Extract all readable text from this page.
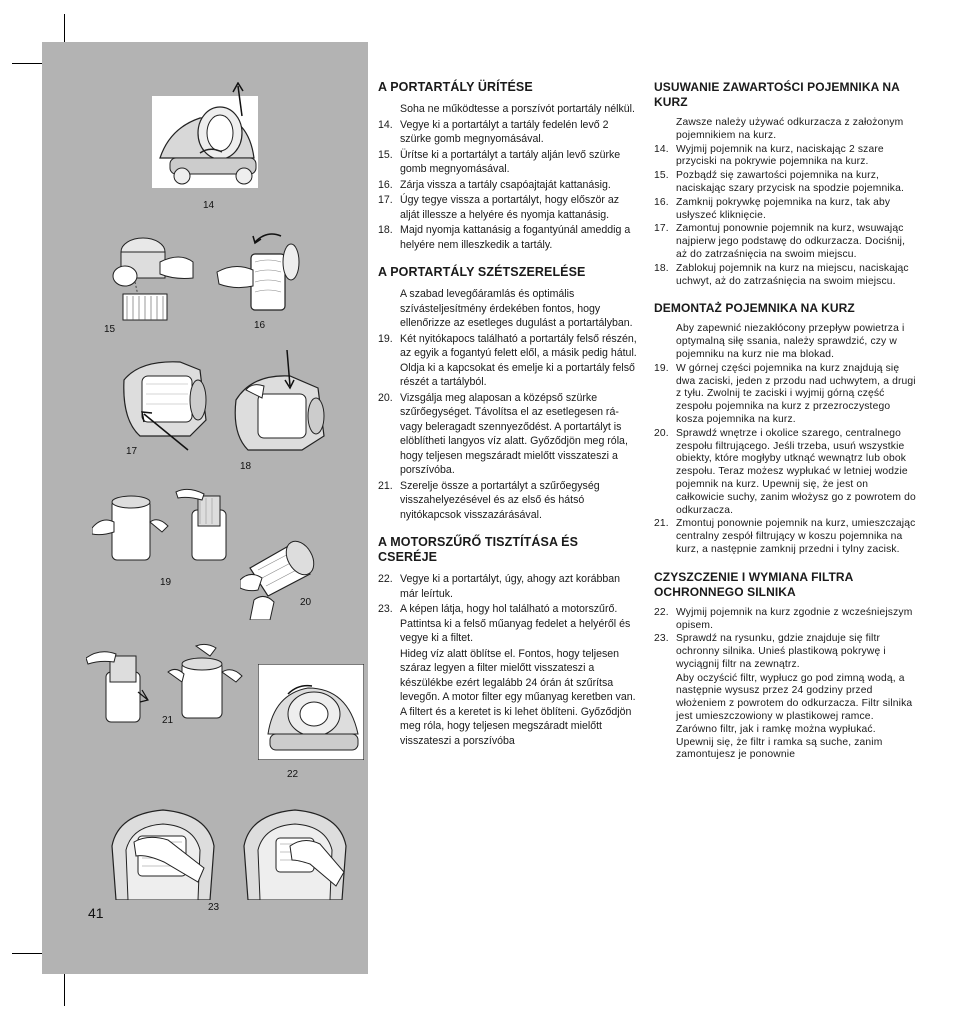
14
15	16
17
18
19
20
21
22
23
41
A PORTARTÁLY ÜRÍTÉSE

Soha ne működtesse a porszívót portartály nélkül.

14. Vegye ki a portartályt a tartály fedelén levő 2 szürke gomb megnyomásával.
15. Ürítse ki a portartályt a tartály alján levő szürke gomb megnyomásával.
16. Zárja vissza a tartály csapóajtaját kattanásig.
17. Úgy tegye vissza a portartályt, hogy először az alját illessze a helyére és nyomja kattanásig.
18. Majd nyomja kattanásig a fogantyúnál ameddig a helyére nem illeszkedik a tartály.
A PORTARTÁLY SZÉTSZERELÉSE

A szabad levegőáramlás és optimális szívásteljesítmény érdekében fontos, hogy ellenőrizze az esetleges dugulást a portartályban.

19. Két nyitókapocs található a portartály felső részén, az egyik a fogantyú felett elől, a másik pedig hátul. Oldja ki a kapcsokat és emelje ki a portartály felső részét a tartályból.
20. Vizsgálja meg alaposan a középső szürke szűrőegységet. Távolítsa el az esetlegesen rá- vagy beleragadt szennyeződést. A portartályt is elöblítheti langyos víz alatt. Győződjön meg róla, hogy teljesen megszáradt mielőtt visszateszi a porszívóba.
21. Szerelje össze a portartályt a szűrőegység visszahelyezésével és az első és hátsó nyitókapcsok visszazárásával.
A MOTORSZŰRŐ TISZTÍTÁSA ÉS CSERÉJE
22. Vegye ki a portartályt, úgy, ahogy azt korábban már leírtuk.
23. A képen látja, hogy hol található a motorszűrő. Pattintsa ki a felső műanyag fedelet a helyéről és vegye ki a filtet.
Hideg víz alatt öblítse el. Fontos, hogy teljesen száraz legyen a filter mielőtt visszateszi a készülékbe ezért legalább 24 órán át szűrítsa levegőn. A motor filter egy műanyag keretben van. A filtert és a keretet is ki lehet öblíteni. Győződjön meg róla, hogy teljesen megszáradt mielőtt visszateszi a porszívóba
USUWANIE ZAWARTOŚCI POJEMNIKA NA KURZ

Zawsze należy używać odkurzacza z założonym pojemnikiem na kurz.

14. Wyjmij pojemnik na kurz, naciskając 2 szare przyciski na pokrywie pojemnika na kurz.
15. Pozbądź się zawartości pojemnika na kurz, naciskając szary przycisk na spodzie pojemnika.
16. Zamknij pokrywkę pojemnika na kurz, tak aby usłyszeć kliknięcie.
17. Zamontuj ponownie pojemnik na kurz, wsuwając najpierw jego podstawę do odkurzacza. Dociśnij, aż do zatrzaśnięcia na swoim miejscu.
18. Zablokuj pojemnik na kurz na miejscu, naciskając uchwyt, aż do zatrzaśnięcia na swoim miejscu.
DEMONTAŻ POJEMNIKA NA KURZ

Aby zapewnić niezakłócony przepływ powietrza i optymalną siłę ssania, należy sprawdzić, czy w pojemniku na kurz nie ma blokad.

19. W górnej części pojemnika na kurz znajdują się dwa zaciski, jeden z przodu nad uchwytem, a drugi z tyłu. Zwolnij te zaciski i wyjmij górną część zespołu pojemnika na kurz z przezroczystego kosza pojemnika na kurz.
20. Sprawdź wnętrze i okolice szarego, centralnego zespołu filtrującego. Jeśli trzeba, usuń wszystkie obiekty, które mogłyby utknąć wewnątrz lub obok zespołu. Teraz możesz wypłukać w letniej wodzie pojemnik na kurz. Upewnij się, że jest on całkowicie suchy, zanim włożysz go z powrotem do odkurzacza.
21. Zmontuj ponownie pojemnik na kurz, umieszczając centralny zespół filtrujący w koszu pojemnika na kurz, a następnie zamknij przedni i tylny zacisk.
CZYSZCZENIE I WYMIANA FILTRA OCHRONNEGO SILNIKA
22. Wyjmij pojemnik na kurz zgodnie z wcześniejszym opisem.
23. Sprawdź na rysunku, gdzie znajduje się filtr ochronny silnika. Unieś plastikową pokrywę i wyciągnij filtr na zewnątrz.
Aby oczyścić filtr, wypłucz go pod zimną wodą, a następnie wysusz przez 24 godziny przed włożeniem z powrotem do odkurzacza. Filtr silnika jest umieszczowiony w plastikowej ramce. Zarówno filtr, jak i ramkę można wypłukać. Upewnij się, że filtr i ramka są suche, zanim zamontujesz je ponownie
